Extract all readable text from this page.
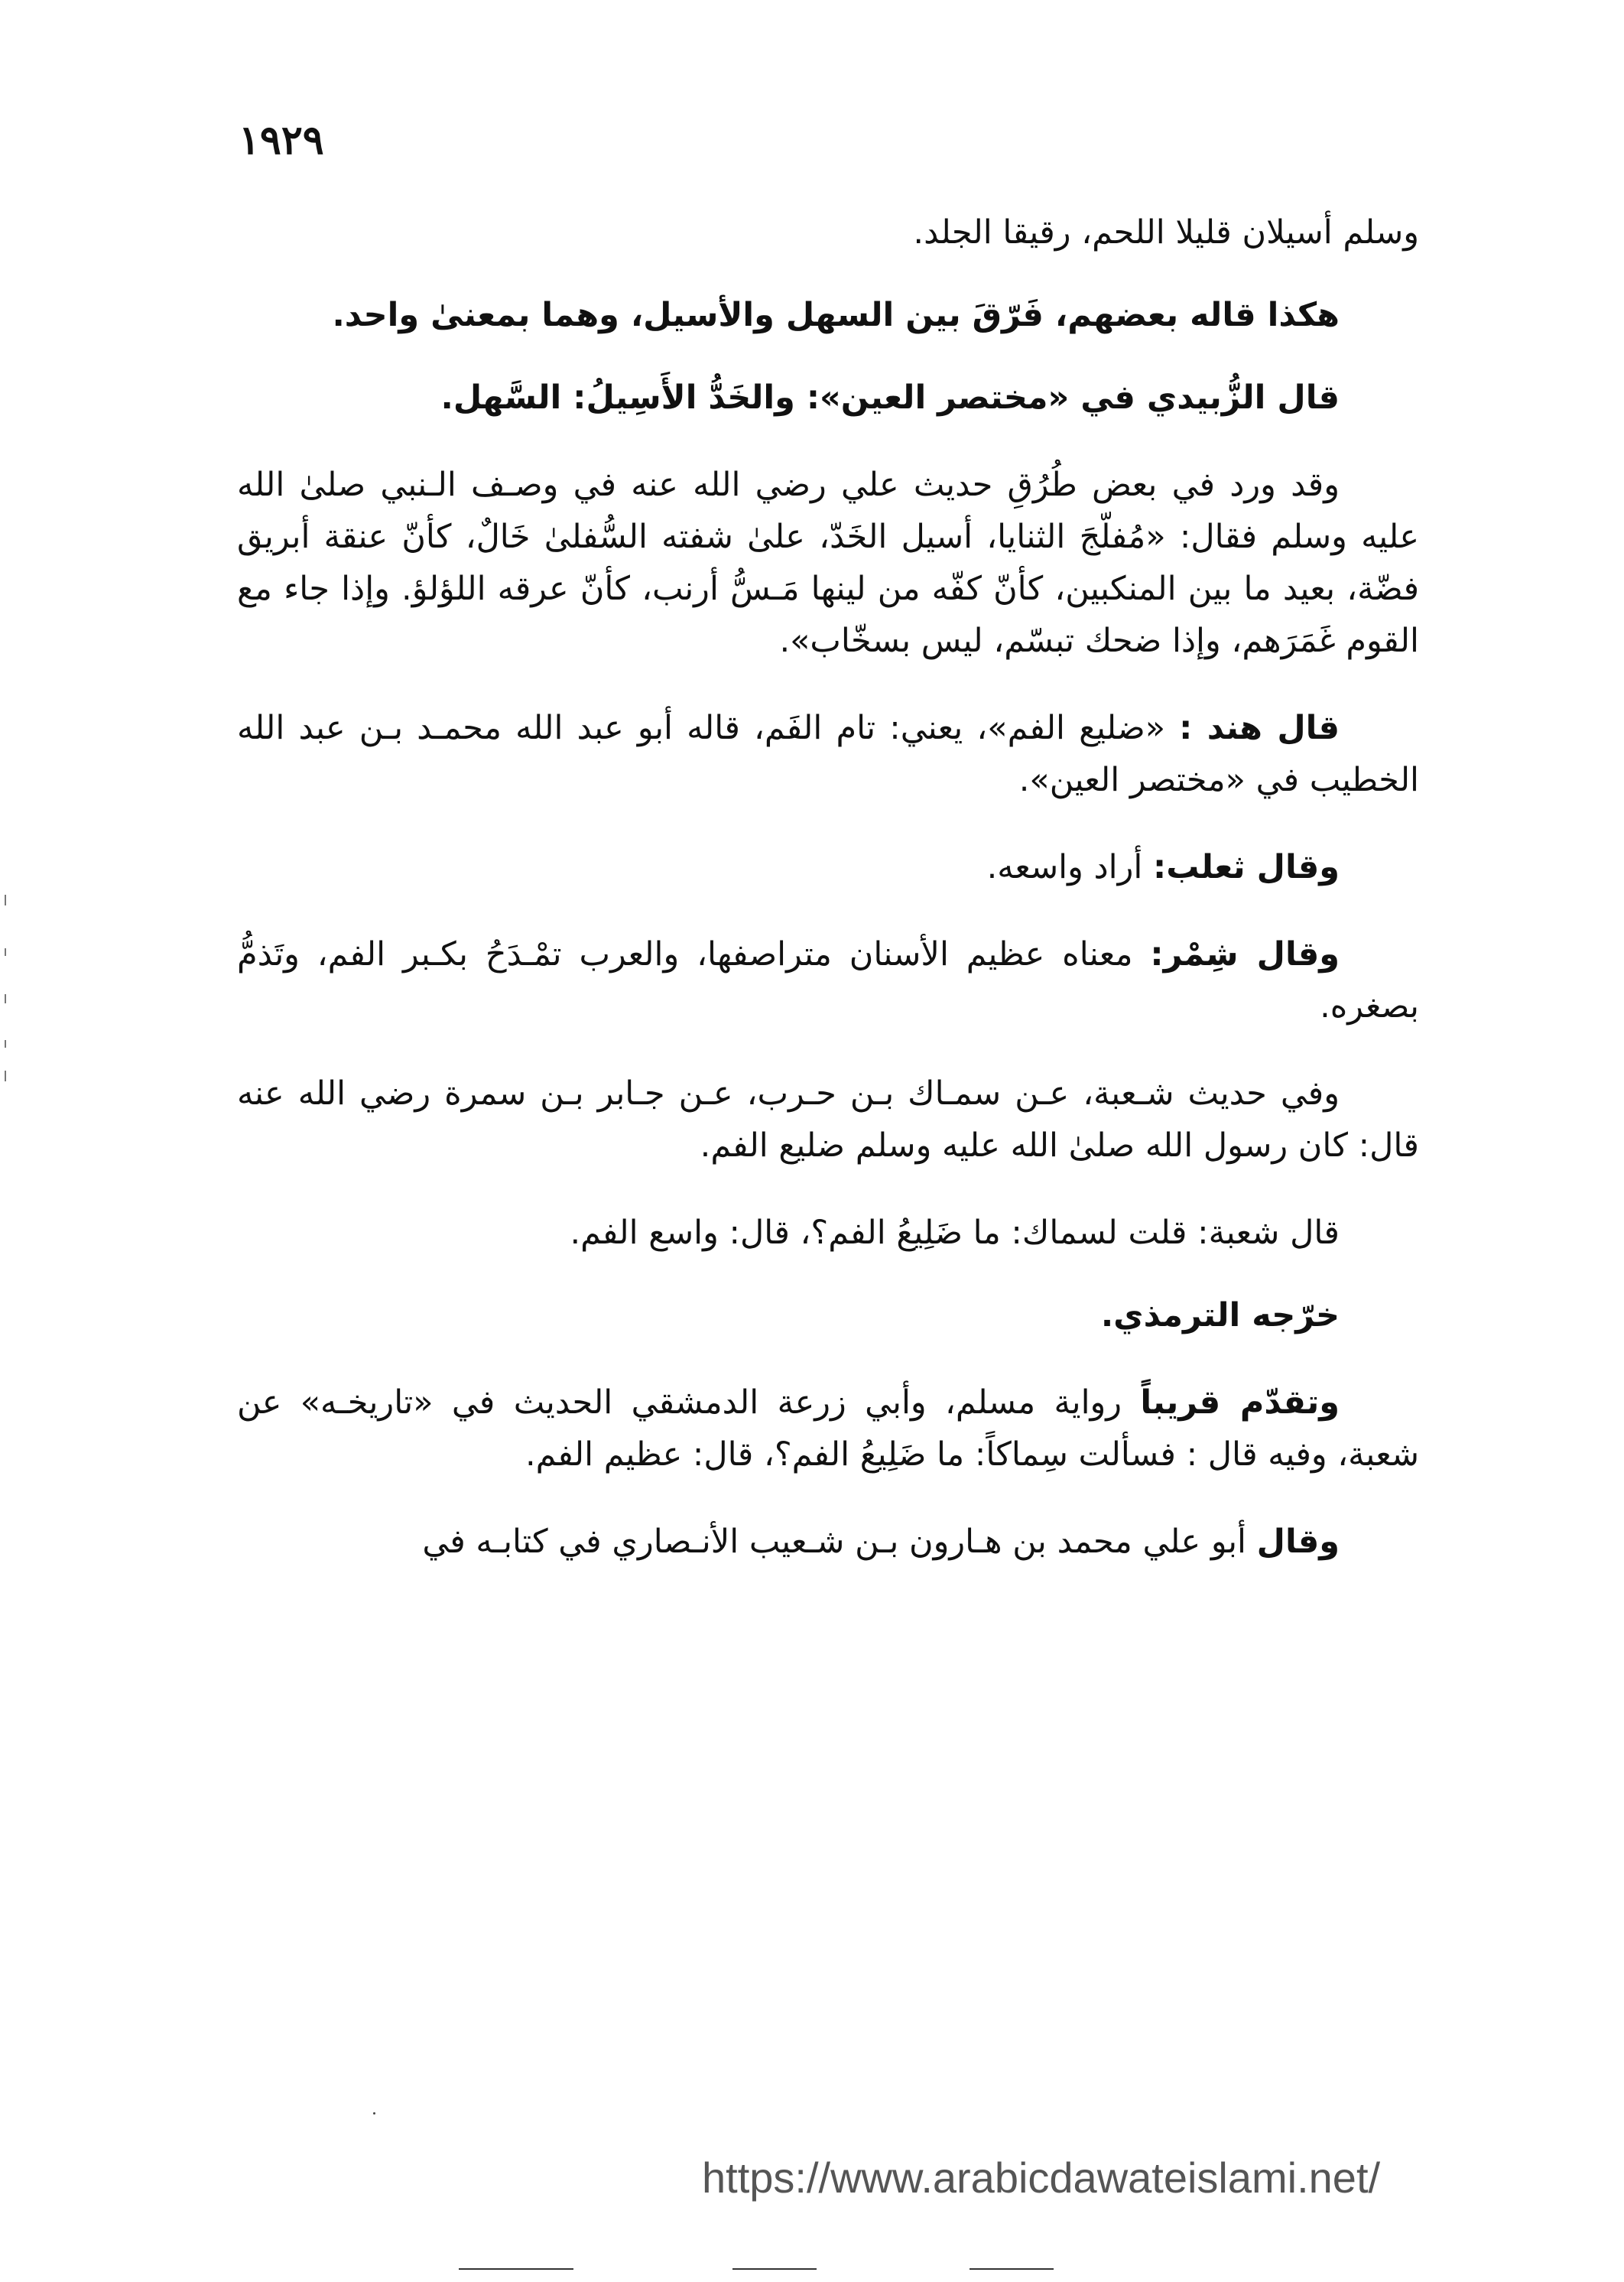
١٩٢٩

وسلم أسيلان قليلا اللحم، رقيقا الجلد.

هكذا قاله بعضهم، فَرّقَ بين السهل والأسيل، وهما بمعنىٰ واحد.

قال الزُّبيدي في «مختصر العين»: والخَدُّ الأَسِيلُ: السَّهل.

وقد ورد في بعض طُرُقِ حديث علي رضي الله عنه في وصـف الـنبي صلىٰ الله عليه وسلم فقال: «مُفلّجَ الثنايا، أسيل الخَدّ، علىٰ شفته السُّفلىٰ خَالٌ، كأنّ عنقة أبريق فضّة، بعيد ما بين المنكبين، كأنّ كفّه من لينها مَـسُّ أرنب، كأنّ عرقه اللؤلؤ. وإذا جاء مع القوم غَمَرَهم، وإذا ضحك تبسّم، ليس بسخّاب».

قال هند : «ضليع الفم»، يعني: تام الفَم، قاله أبو عبد الله محمـد بـن عبد الله الخطيب في «مختصر العين».

وقال ثعلب: أراد واسعه.

وقال شِمْر: معناه عظيم الأسنان متراصفها، والعرب تمْـدَحُ بكـبر الفم، وتَذمُّ بصغره.

وفي حديث شـعبة، عـن سمـاك بـن حـرب، عـن جـابر بـن سمرة رضي الله عنه قال: كان رسول الله صلىٰ الله عليه وسلم ضليع الفم.

قال شعبة: قلت لسماك: ما ضَلِيعُ الفم؟، قال: واسع الفم.

خرّجه الترمذي.

وتقدّم قريباً رواية مسلم، وأبي زرعة الدمشقي الحديث في «تاريخـه» عن شعبة، وفيه قال : فسألت سِماكاً: ما ضَلِيعُ الفم؟، قال: عظيم الفم.

وقال أبو علي محمد بن هـارون بـن شـعيب الأنـصاري في كتابـه في

https://www.arabicdawateislami.net/
